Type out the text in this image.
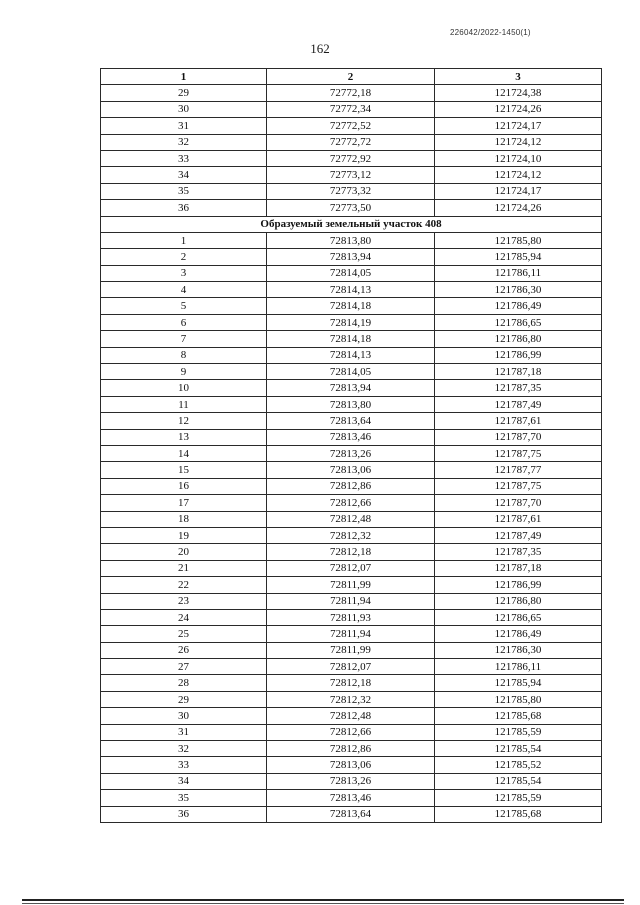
226042/2022-1450(1)
162
1	2	3
29	72772,18	121724,38
30	72772,34	121724,26
31	72772,52	121724,17
32	72772,72	121724,12
33	72772,92	121724,10
34	72773,12	121724,12
35	72773,32	121724,17
36	72773,50	121724,26
Образуемый земельный участок 408		
1	72813,80	121785,80
2	72813,94	121785,94
3	72814,05	121786,11
4	72814,13	121786,30
5	72814,18	121786,49
6	72814,19	121786,65
7	72814,18	121786,80
8	72814,13	121786,99
9	72814,05	121787,18
10	72813,94	121787,35
11	72813,80	121787,49
12	72813,64	121787,61
13	72813,46	121787,70
14	72813,26	121787,75
15	72813,06	121787,77
16	72812,86	121787,75
17	72812,66	121787,70
18	72812,48	121787,61
19	72812,32	121787,49
20	72812,18	121787,35
21	72812,07	121787,18
22	72811,99	121786,99
23	72811,94	121786,80
24	72811,93	121786,65
25	72811,94	121786,49
26	72811,99	121786,30
27	72812,07	121786,11
28	72812,18	121785,94
29	72812,32	121785,80
30	72812,48	121785,68
31	72812,66	121785,59
32	72812,86	121785,54
33	72813,06	121785,52
34	72813,26	121785,54
35	72813,46	121785,59
36	72813,64	121785,68
